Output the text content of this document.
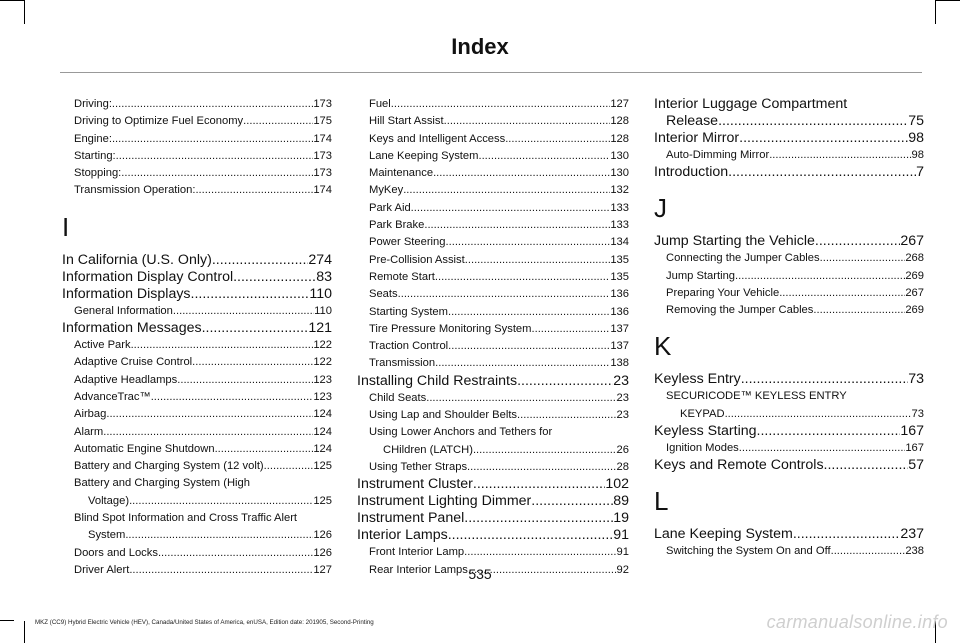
Index
Driving: .....	173
Driving to Optimize Fuel Economy .....	175
Engine: .....	174
Starting: .....	173
Stopping: .....	173
Transmission Operation: .....	174
I
In California (U.S. Only) .....	274
Information Display Control .....	83
Information Displays .....	110
General Information .....	110
Information Messages .....	121
Active Park .....	122
Adaptive Cruise Control .....	122
Adaptive Headlamps .....	123
AdvanceTrac™ .....	123
Airbag .....	124
Alarm .....	124
Automatic Engine Shutdown .....	124
Battery and Charging System (12 volt) .....	125
Battery and Charging System (High
Voltage) .....	125
Blind Spot Information and Cross Traffic Alert
System .....	126
Doors and Locks .....	126
Driver Alert .....	127
Fuel .....	127
Hill Start Assist .....	128
Keys and Intelligent Access .....	128
Lane Keeping System .....	130
Maintenance .....	130
MyKey .....	132
Park Aid .....	133
Park Brake .....	133
Power Steering .....	134
Pre-Collision Assist .....	135
Remote Start .....	135
Seats .....	136
Starting System .....	136
Tire Pressure Monitoring System .....	137
Traction Control .....	137
Transmission .....	138
Installing Child Restraints .....	23
Child Seats .....	23
Using Lap and Shoulder Belts .....	23
Using Lower Anchors and Tethers for
CHildren (LATCH) .....	26
Using Tether Straps .....	28
Instrument Cluster .....	102
Instrument Lighting Dimmer .....	89
Instrument Panel .....	19
Interior Lamps .....	91
Front Interior Lamp .....	91
Rear Interior Lamps .....	92
Interior Luggage Compartment
Release .....	75
Interior Mirror .....	98
Auto-Dimming Mirror .....	98
Introduction .....	7
J
Jump Starting the Vehicle .....	267
Connecting the Jumper Cables .....	268
Jump Starting .....	269
Preparing Your Vehicle .....	267
Removing the Jumper Cables .....	269
K
Keyless Entry .....	73
SECURICODE™ KEYLESS ENTRY
KEYPAD .....	73
Keyless Starting .....	167
Ignition Modes .....	167
Keys and Remote Controls .....	57
L
Lane Keeping System .....	237
Switching the System On and Off .....	238
535
MKZ (CC9) Hybrid Electric Vehicle (HEV), Canada/United States of America, enUSA, Edition date: 201905, Second-Printing	carmanualsonline.info
